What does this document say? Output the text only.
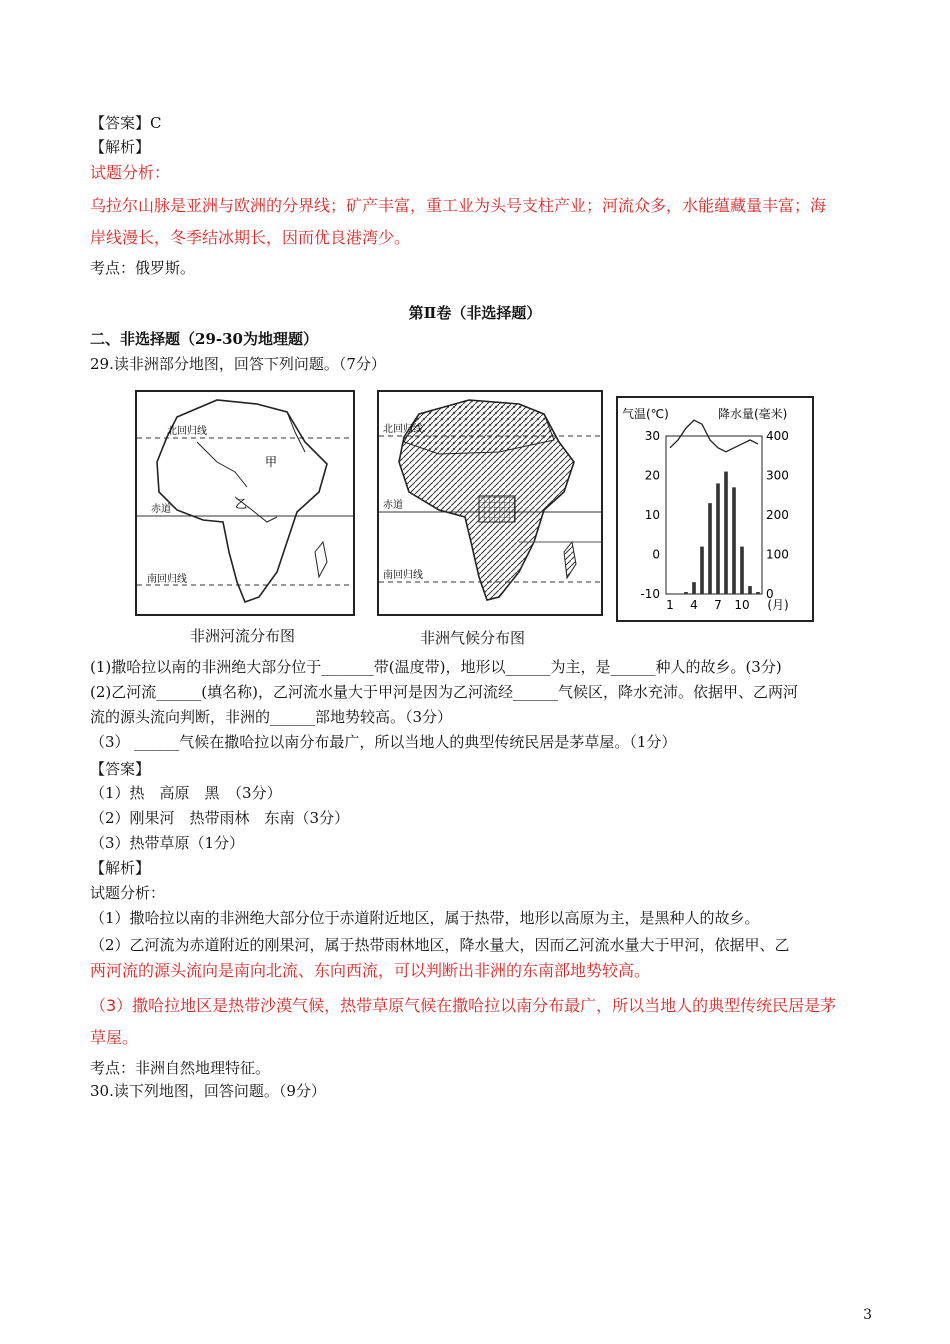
【答案】C
【解析】
试题分析：
乌拉尔山脉是亚洲与欧洲的分界线；矿产丰富，重工业为头号支柱产业；河流众多，水能蕴藏量丰富；海
岸线漫长，冬季结冰期长，因而优良港湾少。
考点：俄罗斯。
第Ⅱ卷（非选择题）
二、非选择题（29-30为地理题）
29.读非洲部分地图，回答下列问题。（7分）
北回归线
赤道
南回归线
甲
乙
非洲河流分布图
北回归线
赤道
南回归线
非洲气候分布图
气温(℃)	降水量(毫米)
30
20
10
0
-10
400
300
200
100
0
1 4 7 10 (月)
(1)撒哈拉以南的非洲绝大部分位于_______带(温度带)，地形以______为主，是______种人的故乡。(3分)
(2)乙河流______(填名称)，乙河流水量大于甲河是因为乙河流经______气候区，降水充沛。依据甲、乙两河
流的源头流向判断，非洲的______部地势较高。（3分）
（3） ______气候在撒哈拉以南分布最广，所以当地人的典型传统民居是茅草屋。（1分）
【答案】
（1）热　高原　黑　（3分）
（2）刚果河　热带雨林　东南（3分）
（3）热带草原（1分）
【解析】
试题分析：
（1）撒哈拉以南的非洲绝大部分位于赤道附近地区，属于热带，地形以高原为主，是黑种人的故乡。
（2）乙河流为赤道附近的刚果河，属于热带雨林地区，降水量大，因而乙河流水量大于甲河，依据甲、乙
两河流的源头流向是南向北流、东向西流，可以判断出非洲的东南部地势较高。
（3）撒哈拉地区是热带沙漠气候，热带草原气候在撒哈拉以南分布最广，所以当地人的典型传统民居是茅
草屋。
考点：非洲自然地理特征。
30.读下列地图，回答问题。（9分）
3
